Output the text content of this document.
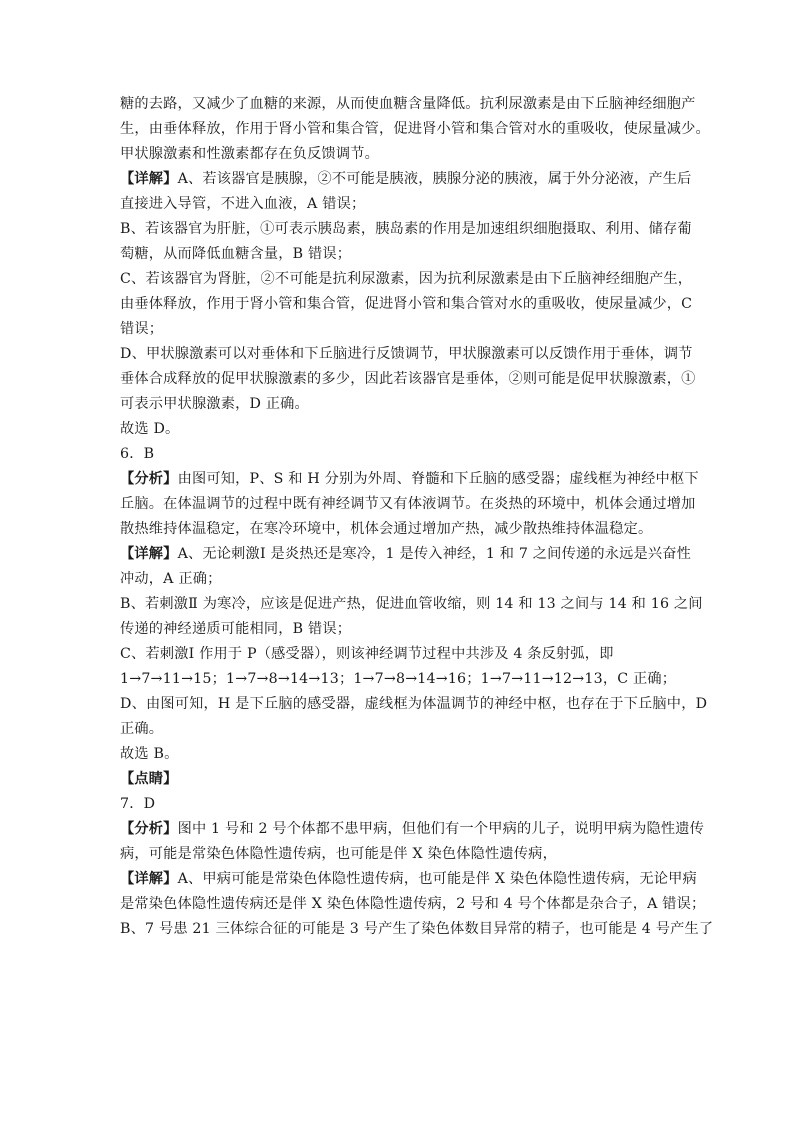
糖的去路，又减少了血糖的来源，从而使血糖含量降低。抗利尿激素是由下丘脑神经细胞产
生，由垂体释放，作用于肾小管和集合管，促进肾小管和集合管对水的重吸收，使尿量减少。
甲状腺激素和性激素都存在负反馈调节。
【详解】A、若该器官是胰腺，②不可能是胰液，胰腺分泌的胰液，属于外分泌液，产生后
直接进入导管，不进入血液，A 错误；
B、若该器官为肝脏，①可表示胰岛素，胰岛素的作用是加速组织细胞摄取、利用、储存葡
萄糖，从而降低血糖含量，B 错误；
C、若该器官为肾脏，②不可能是抗利尿激素，因为抗利尿激素是由下丘脑神经细胞产生，
由垂体释放，作用于肾小管和集合管，促进肾小管和集合管对水的重吸收，使尿量减少，C
错误；
D、甲状腺激素可以对垂体和下丘脑进行反馈调节，甲状腺激素可以反馈作用于垂体，调节
垂体合成释放的促甲状腺激素的多少，因此若该器官是垂体，②则可能是促甲状腺激素，①
可表示甲状腺激素，D 正确。
故选 D。
6．B
【分析】由图可知，P、S 和 H 分别为外周、脊髓和下丘脑的感受器；虚线框为神经中枢下
丘脑。在体温调节的过程中既有神经调节又有体液调节。在炎热的环境中，机体会通过增加
散热维持体温稳定，在寒冷环境中，机体会通过增加产热，减少散热维持体温稳定。
【详解】A、无论刺激Ⅰ 是炎热还是寒冷，1 是传入神经，1 和 7 之间传递的永远是兴奋性
冲动，A 正确；
B、若刺激Ⅱ 为寒冷，应该是促进产热，促进血管收缩，则 14 和 13 之间与 14 和 16 之间
传递的神经递质可能相同，B 错误；
C、若刺激Ⅰ 作用于 P（感受器），则该神经调节过程中共涉及 4 条反射弧，即
1→7→11→15；1→7→8→14→13；1→7→8→14→16；1→7→11→12→13，C 正确；
D、由图可知，H 是下丘脑的感受器，虚线框为体温调节的神经中枢，也存在于下丘脑中，D
正确。
故选 B。
【点睛】
7．D
【分析】图中 1 号和 2 号个体都不患甲病，但他们有一个甲病的儿子，说明甲病为隐性遗传
病，可能是常染色体隐性遗传病，也可能是伴 X 染色体隐性遗传病，
【详解】A、甲病可能是常染色体隐性遗传病，也可能是伴 X 染色体隐性遗传病，无论甲病
是常染色体隐性遗传病还是伴 X 染色体隐性遗传病，2 号和 4 号个体都是杂合子，A 错误；
B、7 号患 21 三体综合征的可能是 3 号产生了染色体数目异常的精子，也可能是 4 号产生了
